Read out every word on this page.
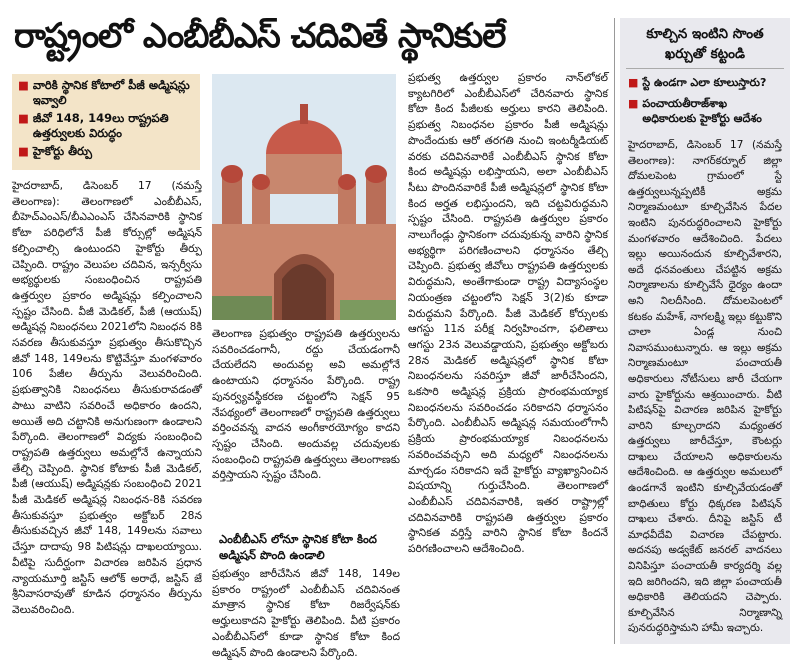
రాష్ట్రంలో ఎంబీబీఎస్ చదివితే స్థానికులే
■ వారికి స్థానిక కోటాలో పీజీ అడ్మిషన్లు ఇవ్వాలి
■ జీవో 148, 149లు రాష్ట్రపతి ఉత్తర్వులకు విరుద్ధం
■ హైకోర్టు తీర్పు

హైదరాబాద్, డిసెంబర్ 17 (నమస్తే తెలంగాణ): తెలంగాణలో ఎంబీబీఎస్, బీహెచ్ఎంఎస్/బీఎఎంఎస్ చేసినవారికి స్థానిక కోటా పరిధిలోనే పీజీ కోర్సుల్లో అడ్మిషన్ కల్పించాల్సి ఉంటుందని హైకోర్టు తీర్పు చెప్పింది. రాష్ట్రం వెలుపల చదివిన, ఇన్సర్వీసు అభ్యర్థులకు సంబంధించిన రాష్ట్రపతి ఉత్తర్వుల ప్రకారం అడ్మిషన్లు కల్పించాలని స్పష్టం చేసింది. వీజీ మెడికల్, పీజీ (ఆయుష్) అడ్మిషన్ల నిబంధనలు 2021లోని నిబంధన 8కి సవరణ తీసుకువస్తూ ప్రభుత్వం తీసుకొచ్చిన జీవో 148, 149లను కొట్టివేస్తూ మంగళవారం 106 పేజీల తీర్పును వెలువరించింది. ప్రభుత్వానికి నిబంధనలు తీసుకురావడంతో పాటు వాటిని సవరించే అధికారం ఉందని, అయితే అది చట్టానికి అనుగుణంగా ఉండాలని పేర్కొంది. తెలంగాణలో విద్యకు సంబంధించి రాష్ట్రపతి ఉత్తర్వులు అమల్లోనే ఉన్నాయని తేల్చి చెప్పింది. స్థానిక కోటాకు పీజీ మెడికల్, పీజీ (ఆయుష్) అడ్మిషన్లకు సంబంధించి 2021 పీజీ మెడికల్ అడ్మిషన్ల నిబంధన-8కి సవరణ తీసుకువస్తూ ప్రభుత్వం అక్టోబర్ 28న తీసుకువచ్చిన జీవో 148, 149లను సవాలు చేస్తూ దాదాపు 98 పిటిషన్లు దాఖలయ్యాయి. వీటిపై సుదీర్ఘంగా విచారణ జరిపిన ప్రధాన న్యాయమూర్తి జస్టిస్ ఆలోక్ అరాధే, జస్టిస్ జే శ్రీనివాసరావుతో కూడిన ధర్మాసనం తీర్పును వెలువరించింది.

తెలంగాణ ప్రభుత్వం రాష్ట్రపతి ఉత్తర్వులను సవరించడంగానీ, రద్దు చేయడంగానీ చేయలేదని అందువల్ల అవి అమల్లోనే ఉంటాయని ధర్మాసనం పేర్కొంది. రాష్ట్ర పునర్వ్యవస్థీకరణ చట్టంలోని సెక్షన్ 95 నేపథ్యంలో తెలంగాణలో రాష్ట్రపతి ఉత్తర్వులు వర్తించవన్న వాదన అంగీకారయోగ్యం కాదని స్పష్టం చేసింది. అందువల్ల చదువులకు సంబంధించి రాష్ట్రపతి ఉత్తర్వులు తెలంగాణకు వర్తిస్తాయని స్పష్టం చేసింది.

ఎంబీబీఎస్ లోనూ స్థానిక కోటా కింద అడ్మిషన్ పొంది ఉండాలి

ప్రభుత్వం జారీచేసిన జీవో 148, 149ల ప్రకారం రాష్ట్రంలో ఎంబీబీఎస్ చదివినంత మాత్రాన స్థానిక కోటా రిజర్వేషన్‌కు అర్హులుకాదని హైకోర్టు తెలిపింది. వీటి ప్రకారం ఎంబీబీఎస్‌లో కూడా స్థానిక కోటా కింద అడ్మిషన్ పొంది ఉండాలని పేర్కొంది.

ప్రభుత్వ ఉత్తర్వుల ప్రకారం నాన్‌లోకల్ క్యాటగిరిలో ఎంబీబీఎస్‌లో చేరినవారు స్థానిక కోటా కింద పీజీలకు అర్హులు కారని తెలిపింది. ప్రభుత్వ నిబంధనల ప్రకారం పీజీ అడ్మిషన్లు పొందేందుకు ఆరో తరగతి నుంచి ఇంటర్మీడియట్ వరకు చదివినవారికే ఎంబీబీఎస్ స్థానిక కోటా కింద అడ్మిషన్లు లభిస్తాయని, అలా ఎంబీబీఎస్ సీటు పొందినవారికే పీజీ అడ్మిషన్లలో స్థానిక కోటా కింద అర్హత లభిస్తుందని, ఇది చట్టవిరుద్ధమని స్పష్టం చేసింది. రాష్ట్రపతి ఉత్తర్వుల ప్రకారం నాలుగేండ్లు స్థానికంగా చదువుకున్న వారిని స్థానిక అభ్యర్థిగా పరిగణించాలని ధర్మాసనం తేల్చి చెప్పింది. ప్రభుత్వ జీవోలు రాష్ట్రపతి ఉత్తర్వులకు విరుద్ధమని, అంతేగాకుండా రాష్ట్ర విద్యాసంస్థల నియంత్రణ చట్టంలోని సెక్షన్ 3(2)కు కూడా విరుద్ధమని పేర్కొంది. పీజీ మెడికల్ కోర్సులకు ఆగస్టు 11న పరీక్ష నిర్వహించగా, ఫలితాలు ఆగస్టు 23న వెలువడ్డాయని, ప్రభుత్వం అక్టోబరు 28న మెడికల్ అడ్మిషన్లలో స్థానిక కోటా నిబంధనలను సవరిస్తూ జీవో జారీచేసిందని, ఒకసారి అడ్మిషన్ల ప్రక్రియ ప్రారంభమయ్యాక నిబంధనలను సవరించడం సరికాదని ధర్మాసనం పేర్కొంది. ఎంబీబీఎస్ అడ్మిషన్ల సమయంలోగానీ ప్రక్రియ ప్రారంభమయ్యాక నిబంధనలను సవరించవచ్చని అది మధ్యలో నిబంధనలను మార్చడం సరికాదని ఇదే హైకోర్టు వ్యాఖ్యానించిన విషయాన్ని గుర్తుచేసింది. తెలంగాణలో ఎంబీబీఎస్ చదివినవారికి, ఇతర రాష్ట్రాల్లో చదివినవారికి రాష్ట్రపతి ఉత్తర్వుల ప్రకారం స్థానికత వర్తిస్తే వారిని స్థానిక కోటా కిందనే పరిగణించాలని ఆదేశించింది.

కూల్చిన ఇంటిని సొంత ఖర్చుతో కట్టండి
■ స్టే ఉండగా ఎలా కూలుస్తారు?
■ పంచాయతీరాజ్‌శాఖ అధికారులకు హైకోర్టు ఆదేశం
హైదరాబాద్, డిసెంబర్ 17 (నమస్తే తెలంగాణ): నాగర్‌కర్నూల్ జిల్లా దోమలపెంట గ్రామంలో స్టే ఉత్తర్వులున్నప్పటికీ అక్రమ నిర్మాణమంటూ కూల్చివేసిన పేదల ఇంటిని పునరుద్ధరించాలని హైకోర్టు మంగళవారం ఆదేశించింది. పేదలు ఇల్లు అయినందున కూల్చివేశారని, అదే ధనవంతులు చేపట్టిన అక్రమ నిర్మాణాలను కూల్చివేసే ధైర్యం ఉందా అని నిలదీసింది. దోమలపెంటలో కటకం మహేశ్, నాగలక్ష్మి ఇల్లు కట్టుకొని చాలా ఏండ్ల నుంచి నివాసముంటున్నారు. ఆ ఇల్లు అక్రమ నిర్మాణమంటూ పంచాయతీ అధికారులు నోటీసులు జారీ చేయగా వారు హైకోర్టును ఆశ్రయించారు. వీటి పిటిషన్‌పై విచారణ జరిపిన హైకోర్టు వారిని కూల్చరాదని మధ్యంతర ఉత్తర్వులు జారీచేస్తూ, కౌంటర్లు దాఖలు చేయాలని అధికారులను ఆదేశించింది. ఆ ఉత్తర్వుల అమలులో ఉండగానే ఇంటిని కూల్చివేయడంతో బాధితులు కోర్టు ధిక్కరణ పిటిషన్ దాఖలు చేశారు. దీనిపై జస్టిస్ టీ మాధవీదేవి విచారణ చేపట్టారు. అదనపు అడ్వకేట్ జనరల్ వాదనలు వినిపిస్తూ పంచాయతీ కార్యదర్శి వల్ల ఇది జరిగిందని, ఇది జిల్లా పంచాయతీ అధికారికి తెలియదని చెప్పారు. కూల్చివేసిన నిర్మాణాన్ని పునరుద్ధరిస్తామని హామీ ఇచ్చారు.
